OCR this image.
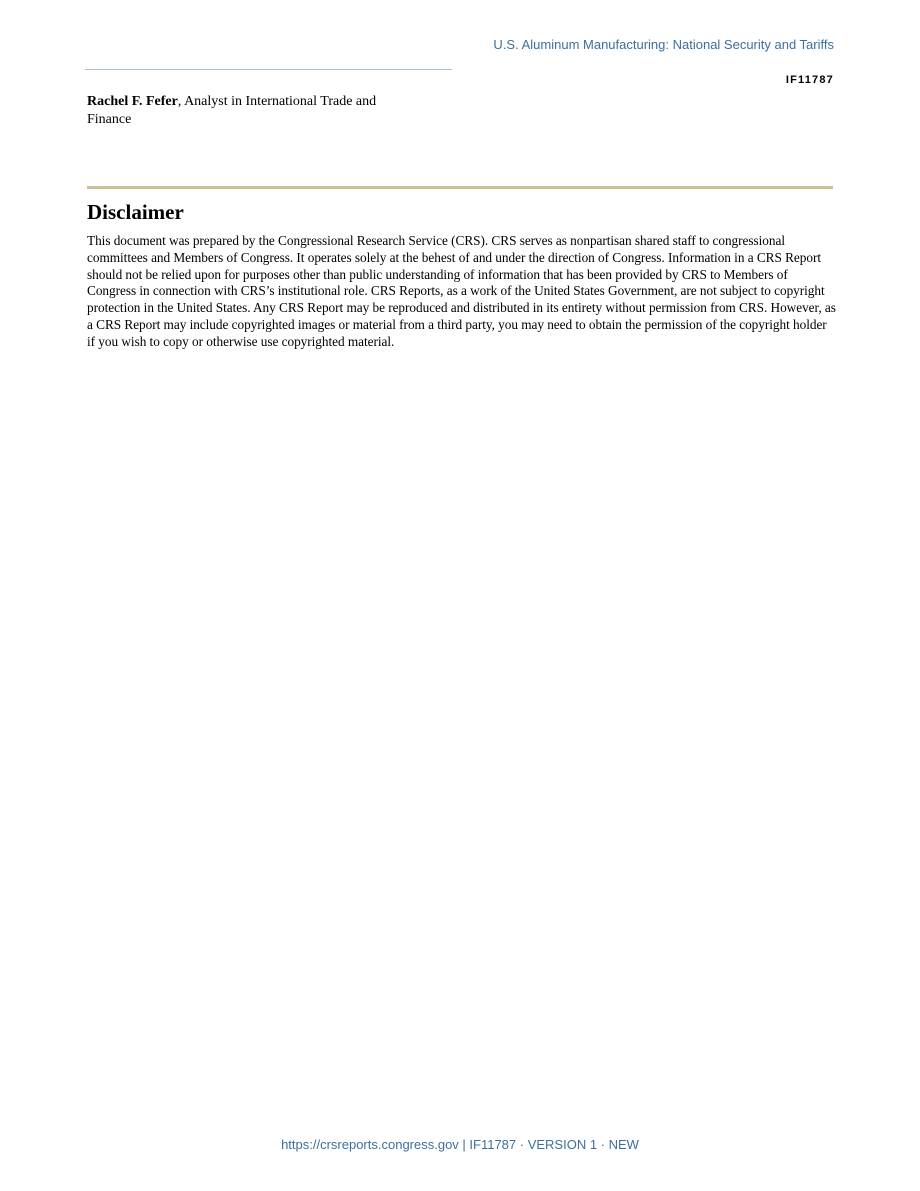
U.S. Aluminum Manufacturing: National Security and Tariffs
IF11787
Rachel F. Fefer, Analyst in International Trade and Finance
Disclaimer

This document was prepared by the Congressional Research Service (CRS). CRS serves as nonpartisan shared staff to congressional committees and Members of Congress. It operates solely at the behest of and under the direction of Congress. Information in a CRS Report should not be relied upon for purposes other than public understanding of information that has been provided by CRS to Members of Congress in connection with CRS’s institutional role. CRS Reports, as a work of the United States Government, are not subject to copyright protection in the United States. Any CRS Report may be reproduced and distributed in its entirety without permission from CRS. However, as a CRS Report may include copyrighted images or material from a third party, you may need to obtain the permission of the copyright holder if you wish to copy or otherwise use copyrighted material.

https://crsreports.congress.gov | IF11787 · VERSION 1 · NEW
